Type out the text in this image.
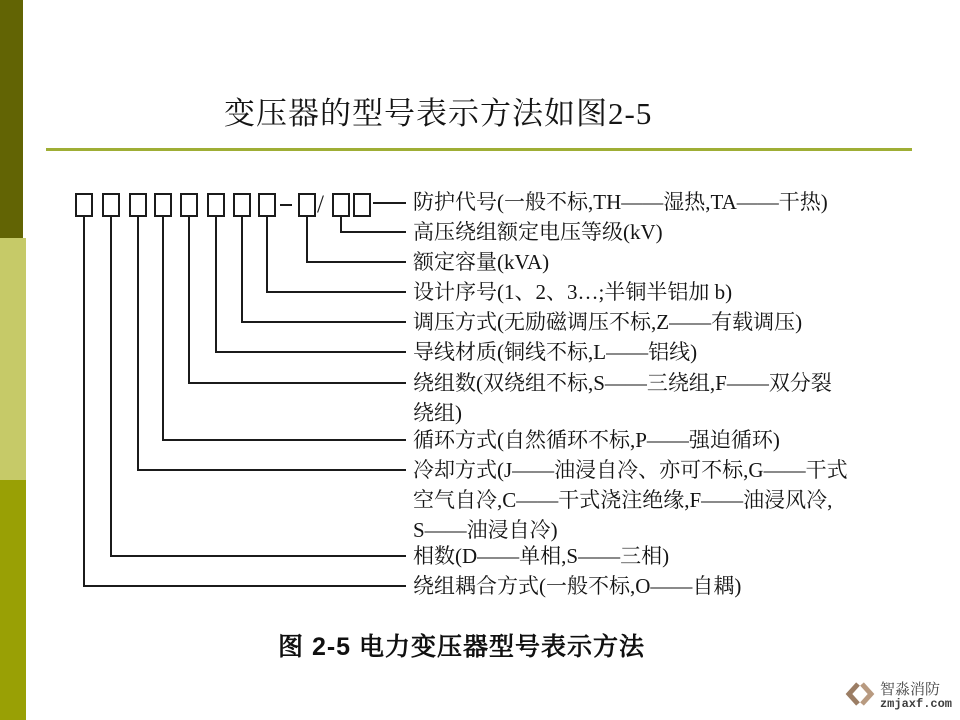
变压器的型号表示方法如图2-5
/	防护代号(一般不标,TH——湿热,TA——干热)
高压绕组额定电压等级(kV)
额定容量(kVA)
设计序号(1、2、3…;半铜半铝加 b)
调压方式(无励磁调压不标,Z——有载调压)
导线材质(铜线不标,L——铝线)
绕组数(双绕组不标,S——三绕组,F——双分裂
绕组)
循环方式(自然循环不标,P——强迫循环)
冷却方式(J——油浸自冷、亦可不标,G——干式
空气自冷,C——干式浇注绝缘,F——油浸风冷,
S——油浸自冷)
相数(D——单相,S——三相)
绕组耦合方式(一般不标,O——自耦)
图 2-5 电力变压器型号表示方法
智淼消防
zmjaxf.com
